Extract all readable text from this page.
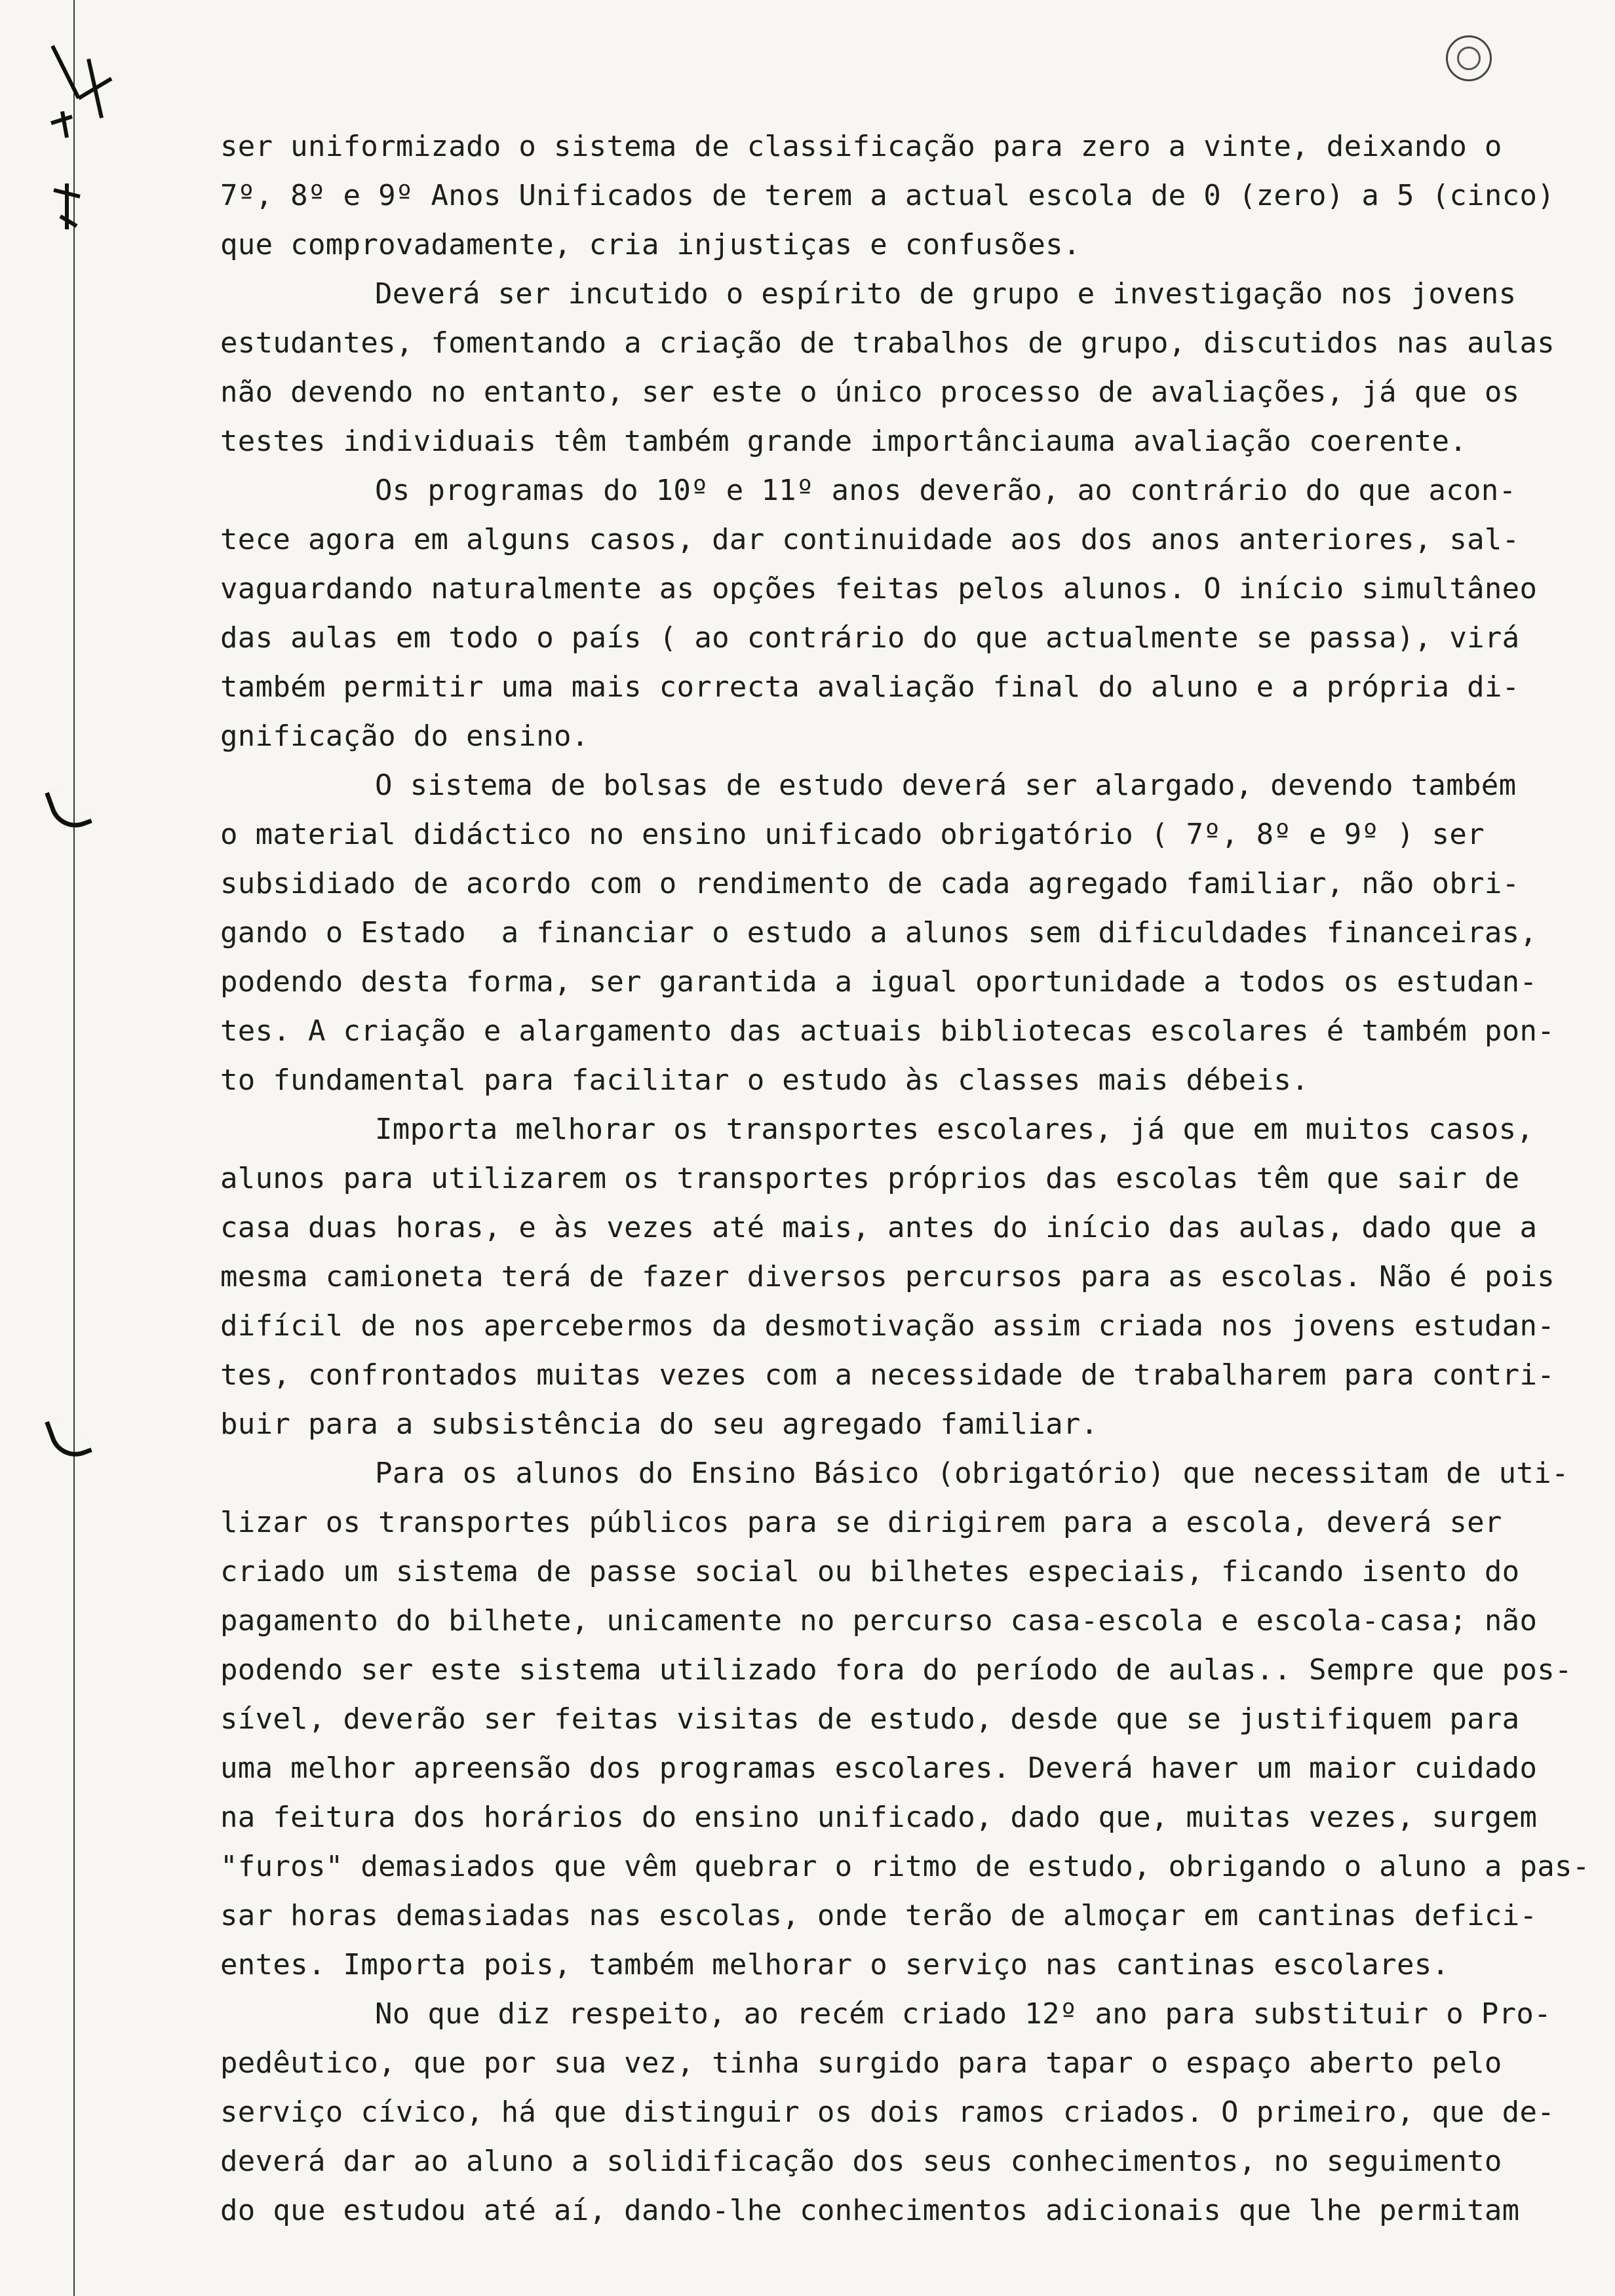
ser uniformizado o sistema de classificação para zero a vinte, deixando o
7º, 8º e 9º Anos Unificados de terem a actual escola de 0 (zero) a 5 (cinco)
que comprovadamente, cria injustiças e confusões.
Deverá ser incutido o espírito de grupo e investigação nos jovens
estudantes, fomentando a criação de trabalhos de grupo, discutidos nas aulas
não devendo no entanto, ser este o único processo de avaliações, já que os
testes individuais têm também grande importânciauma avaliação coerente.
Os programas do 10º e 11º anos deverão, ao contrário do que acon-
tece agora em alguns casos, dar continuidade aos dos anos anteriores, sal-
vaguardando naturalmente as opções feitas pelos alunos. O início simultâneo
das aulas em todo o país ( ao contrário do que actualmente se passa), virá
também permitir uma mais correcta avaliação final do aluno e a própria di-
gnificação do ensino.
O sistema de bolsas de estudo deverá ser alargado, devendo também
o material didáctico no ensino unificado obrigatório ( 7º, 8º e 9º ) ser
subsidiado de acordo com o rendimento de cada agregado familiar, não obri-
gando o Estado  a financiar o estudo a alunos sem dificuldades financeiras,
podendo desta forma, ser garantida a igual oportunidade a todos os estudan-
tes. A criação e alargamento das actuais bibliotecas escolares é também pon-
to fundamental para facilitar o estudo às classes mais débeis.
Importa melhorar os transportes escolares, já que em muitos casos,
alunos para utilizarem os transportes próprios das escolas têm que sair de
casa duas horas, e às vezes até mais, antes do início das aulas, dado que a
mesma camioneta terá de fazer diversos percursos para as escolas. Não é pois
difícil de nos apercebermos da desmotivação assim criada nos jovens estudan-
tes, confrontados muitas vezes com a necessidade de trabalharem para contri-
buir para a subsistência do seu agregado familiar.
Para os alunos do Ensino Básico (obrigatório) que necessitam de uti-
lizar os transportes públicos para se dirigirem para a escola, deverá ser
criado um sistema de passe social ou bilhetes especiais, ficando isento do
pagamento do bilhete, unicamente no percurso casa-escola e escola-casa; não
podendo ser este sistema utilizado fora do período de aulas.. Sempre que pos-
sível, deverão ser feitas visitas de estudo, desde que se justifiquem para
uma melhor apreensão dos programas escolares. Deverá haver um maior cuidado
na feitura dos horários do ensino unificado, dado que, muitas vezes, surgem
"furos" demasiados que vêm quebrar o ritmo de estudo, obrigando o aluno a pas-
sar horas demasiadas nas escolas, onde terão de almoçar em cantinas defici-
entes. Importa pois, também melhorar o serviço nas cantinas escolares.
No que diz respeito, ao recém criado 12º ano para substituir o Pro-
pedêutico, que por sua vez, tinha surgido para tapar o espaço aberto pelo
serviço cívico, há que distinguir os dois ramos criados. O primeiro, que de-
deverá dar ao aluno a solidificação dos seus conhecimentos, no seguimento
do que estudou até aí, dando-lhe conhecimentos adicionais que lhe permitam
